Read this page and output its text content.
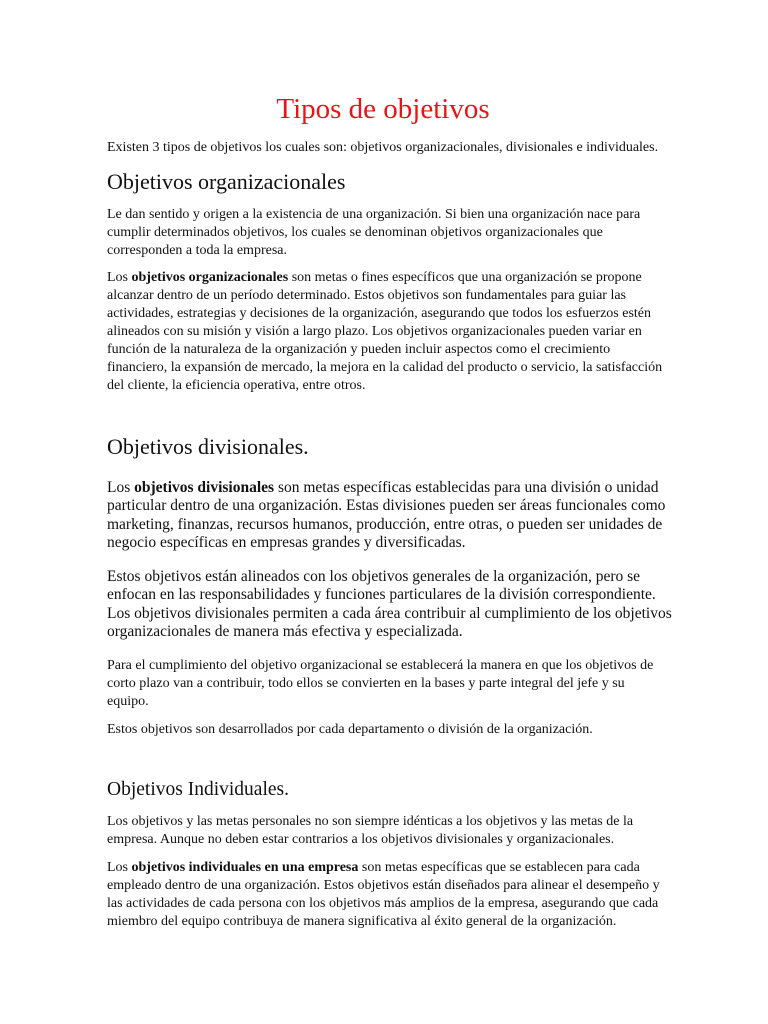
Tipos de objetivos

Existen 3 tipos de objetivos los cuales son: objetivos organizacionales, divisionales e individuales.

Objetivos organizacionales

Le dan sentido y origen a la existencia de una organización. Si bien una organización nace para
cumplir determinados objetivos, los cuales se denominan objetivos organizacionales que
corresponden a toda la empresa.

Los objetivos organizacionales son metas o fines específicos que una organización se propone
alcanzar dentro de un período determinado. Estos objetivos son fundamentales para guiar las
actividades, estrategias y decisiones de la organización, asegurando que todos los esfuerzos estén
alineados con su misión y visión a largo plazo. Los objetivos organizacionales pueden variar en
función de la naturaleza de la organización y pueden incluir aspectos como el crecimiento
financiero, la expansión de mercado, la mejora en la calidad del producto o servicio, la satisfacción
del cliente, la eficiencia operativa, entre otros.

Objetivos divisionales.

Los objetivos divisionales son metas específicas establecidas para una división o unidad
particular dentro de una organización. Estas divisiones pueden ser áreas funcionales como
marketing, finanzas, recursos humanos, producción, entre otras, o pueden ser unidades de
negocio específicas en empresas grandes y diversificadas.

Estos objetivos están alineados con los objetivos generales de la organización, pero se
enfocan en las responsabilidades y funciones particulares de la división correspondiente.
Los objetivos divisionales permiten a cada área contribuir al cumplimiento de los objetivos
organizacionales de manera más efectiva y especializada.

Para el cumplimiento del objetivo organizacional se establecerá la manera en que los objetivos de
corto plazo van a contribuir, todo ellos se convierten en la bases y parte integral del jefe y su
equipo.

Estos objetivos son desarrollados por cada departamento o división de la organización.

Objetivos Individuales.

Los objetivos y las metas personales no son siempre idénticas a los objetivos y las metas de la
empresa. Aunque no deben estar contrarios a los objetivos divisionales y organizacionales.

Los objetivos individuales en una empresa son metas específicas que se establecen para cada
empleado dentro de una organización. Estos objetivos están diseñados para alinear el desempeño y
las actividades de cada persona con los objetivos más amplios de la empresa, asegurando que cada
miembro del equipo contribuya de manera significativa al éxito general de la organización.
